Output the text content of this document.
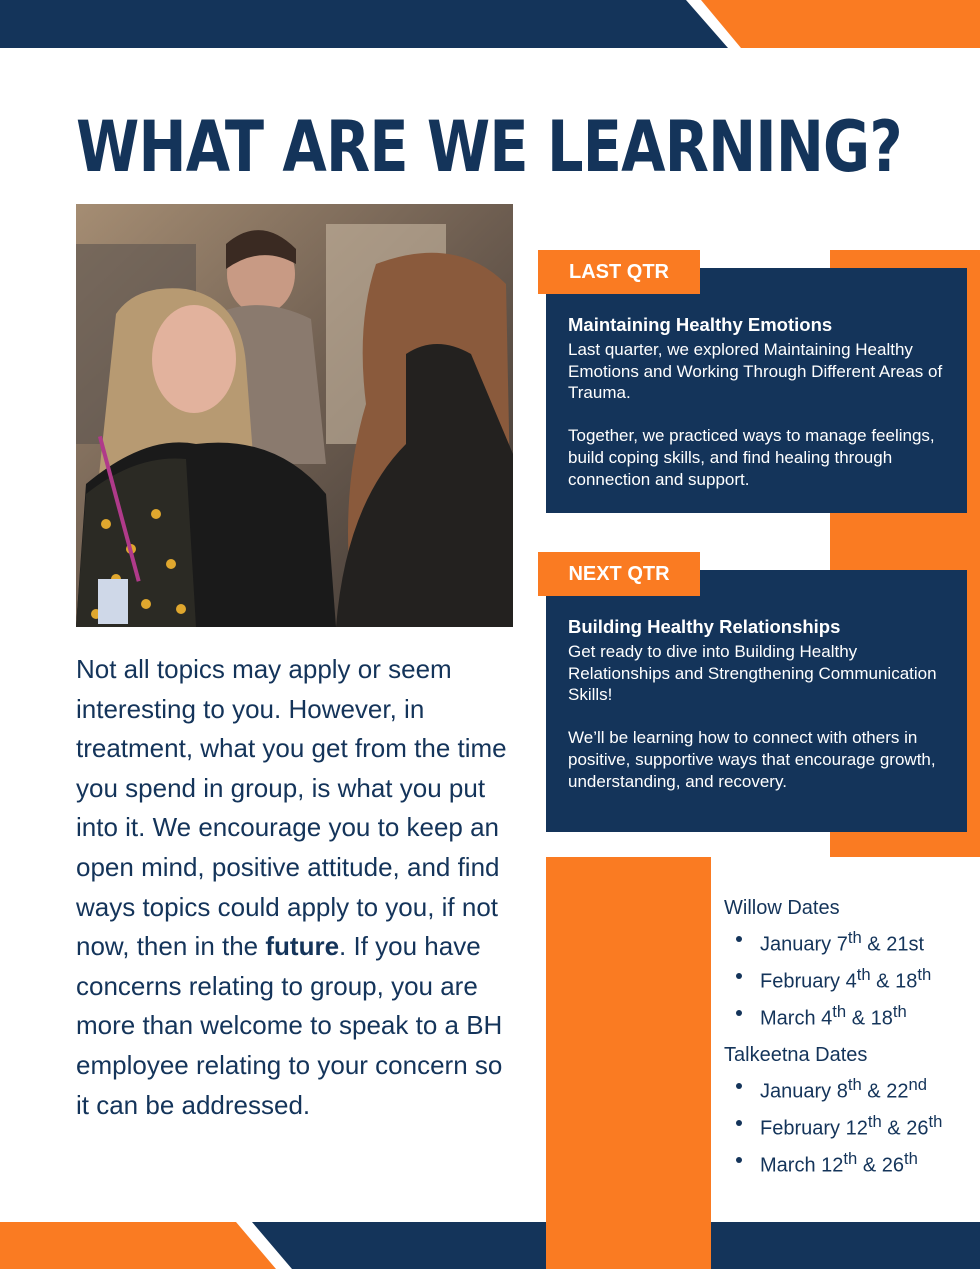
WHAT ARE WE LEARNING?

Not all topics may apply or seem interesting to you. However, in treatment, what you get from the time you spend in group, is what you put into it. We encourage you to keep an open mind, positive attitude, and find ways topics could apply to you, if not now, then in the future. If you have concerns relating to group, you are more than welcome to speak to a BH employee relating to your concern so it can be addressed.

Maintaining Healthy Emotions

Last quarter, we explored Maintaining Healthy Emotions and Working Through Different Areas of Trauma.

Together, we practiced ways to manage feelings, build coping skills, and find healing through connection and support.

LAST QTR
Building Healthy Relationships

Get ready to dive into Building Healthy Relationships and Strengthening Communication Skills!

We’ll be learning how to connect with others in positive, supportive ways that encourage growth, understanding, and recovery.

NEXT QTR
Willow Dates
January 7th & 21st
February 4th & 18th
March 4th & 18th
Talkeetna Dates
January 8th & 22nd
February 12th & 26th
March 12th & 26th
